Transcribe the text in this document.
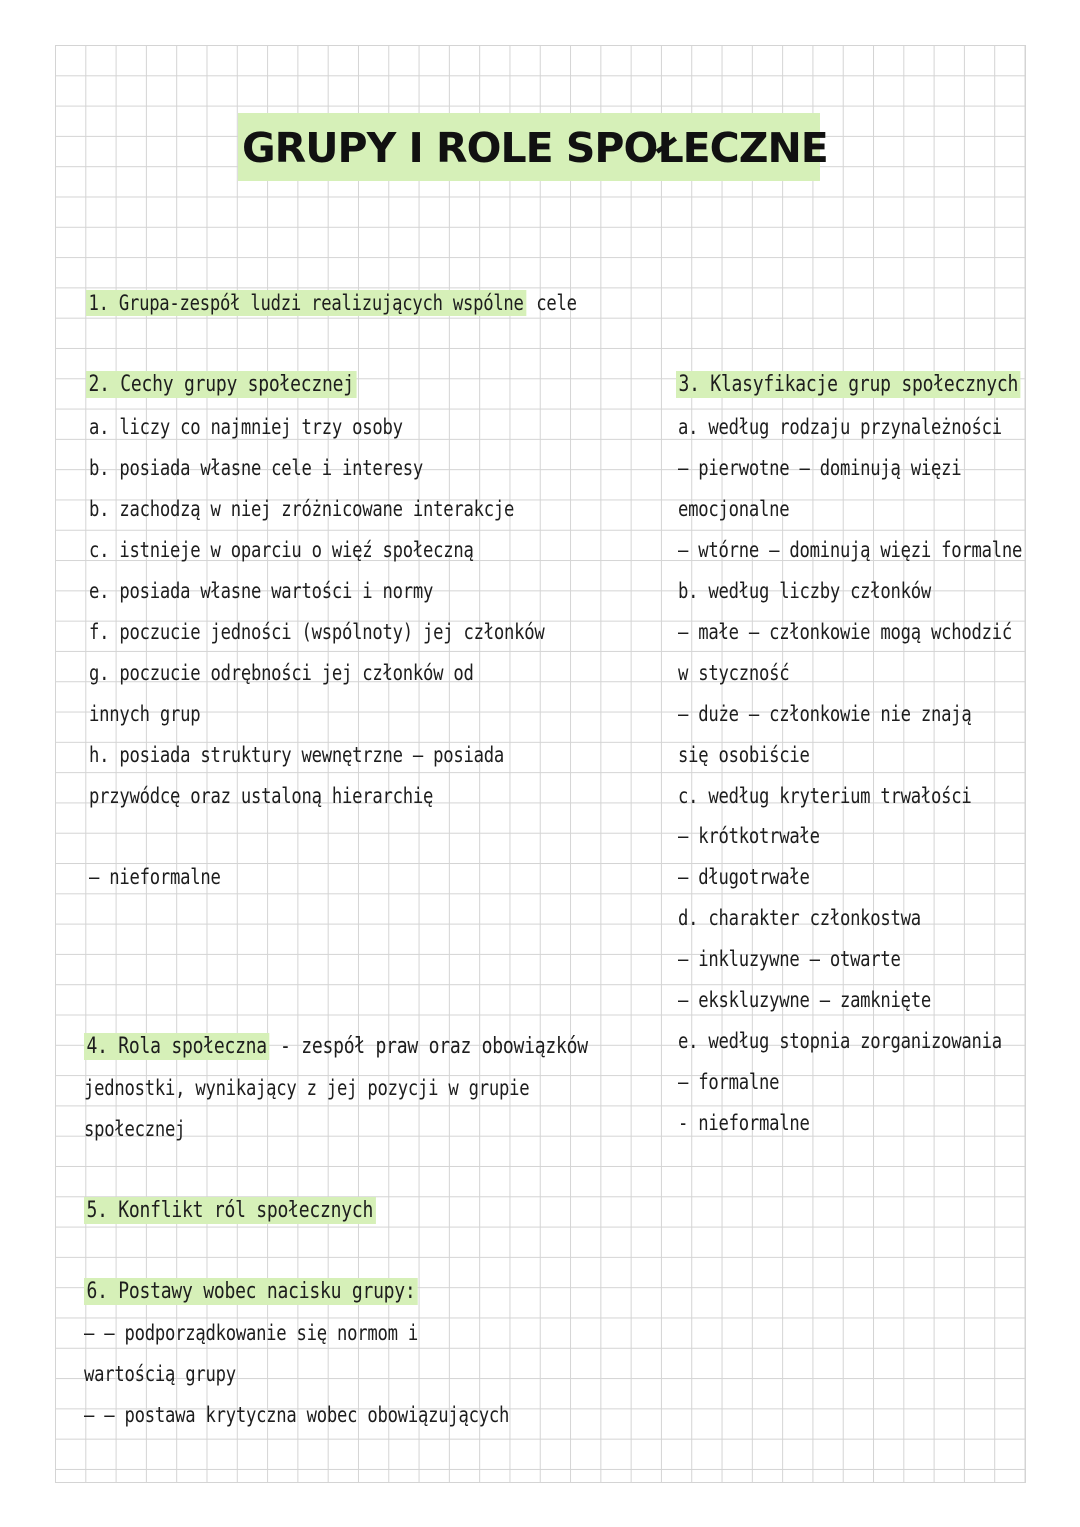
GRUPY I ROLE SPOŁECZNE

1. Grupa-zespół ludzi realizujących wspólne cele

2. Cechy grupy społecznej

a. liczy co najmniej trzy osoby

b. posiada własne cele i interesy

b. zachodzą w niej zróżnicowane interakcje

c. istnieje w oparciu o więź społeczną

e. posiada własne wartości i normy

f. poczucie jedności (wspólnoty) jej członków

g. poczucie odrębności jej członków od

innych grup

h. posiada struktury wewnętrzne – posiada

przywódcę oraz ustaloną hierarchię

– nieformalne

4. Rola społeczna - zespół praw oraz obowiązków

jednostki, wynikający z jej pozycji w grupie

społecznej

5. Konflikt ról społecznych

6. Postawy wobec nacisku grupy:

– – podporządkowanie się normom i

wartością grupy

– – postawa krytyczna wobec obowiązujących

3. Klasyfikacje grup społecznych

a. według rodzaju przynależności

– pierwotne – dominują więzi

emocjonalne

– wtórne – dominują więzi formalne

b. według liczby członków

– małe – członkowie mogą wchodzić

w styczność

– duże – członkowie nie znają

się osobiście

c. według kryterium trwałości

– krótkotrwałe

– długotrwałe

d. charakter członkostwa

– inkluzywne – otwarte

– ekskluzywne – zamknięte

e. według stopnia zorganizowania

– formalne

- nieformalne
